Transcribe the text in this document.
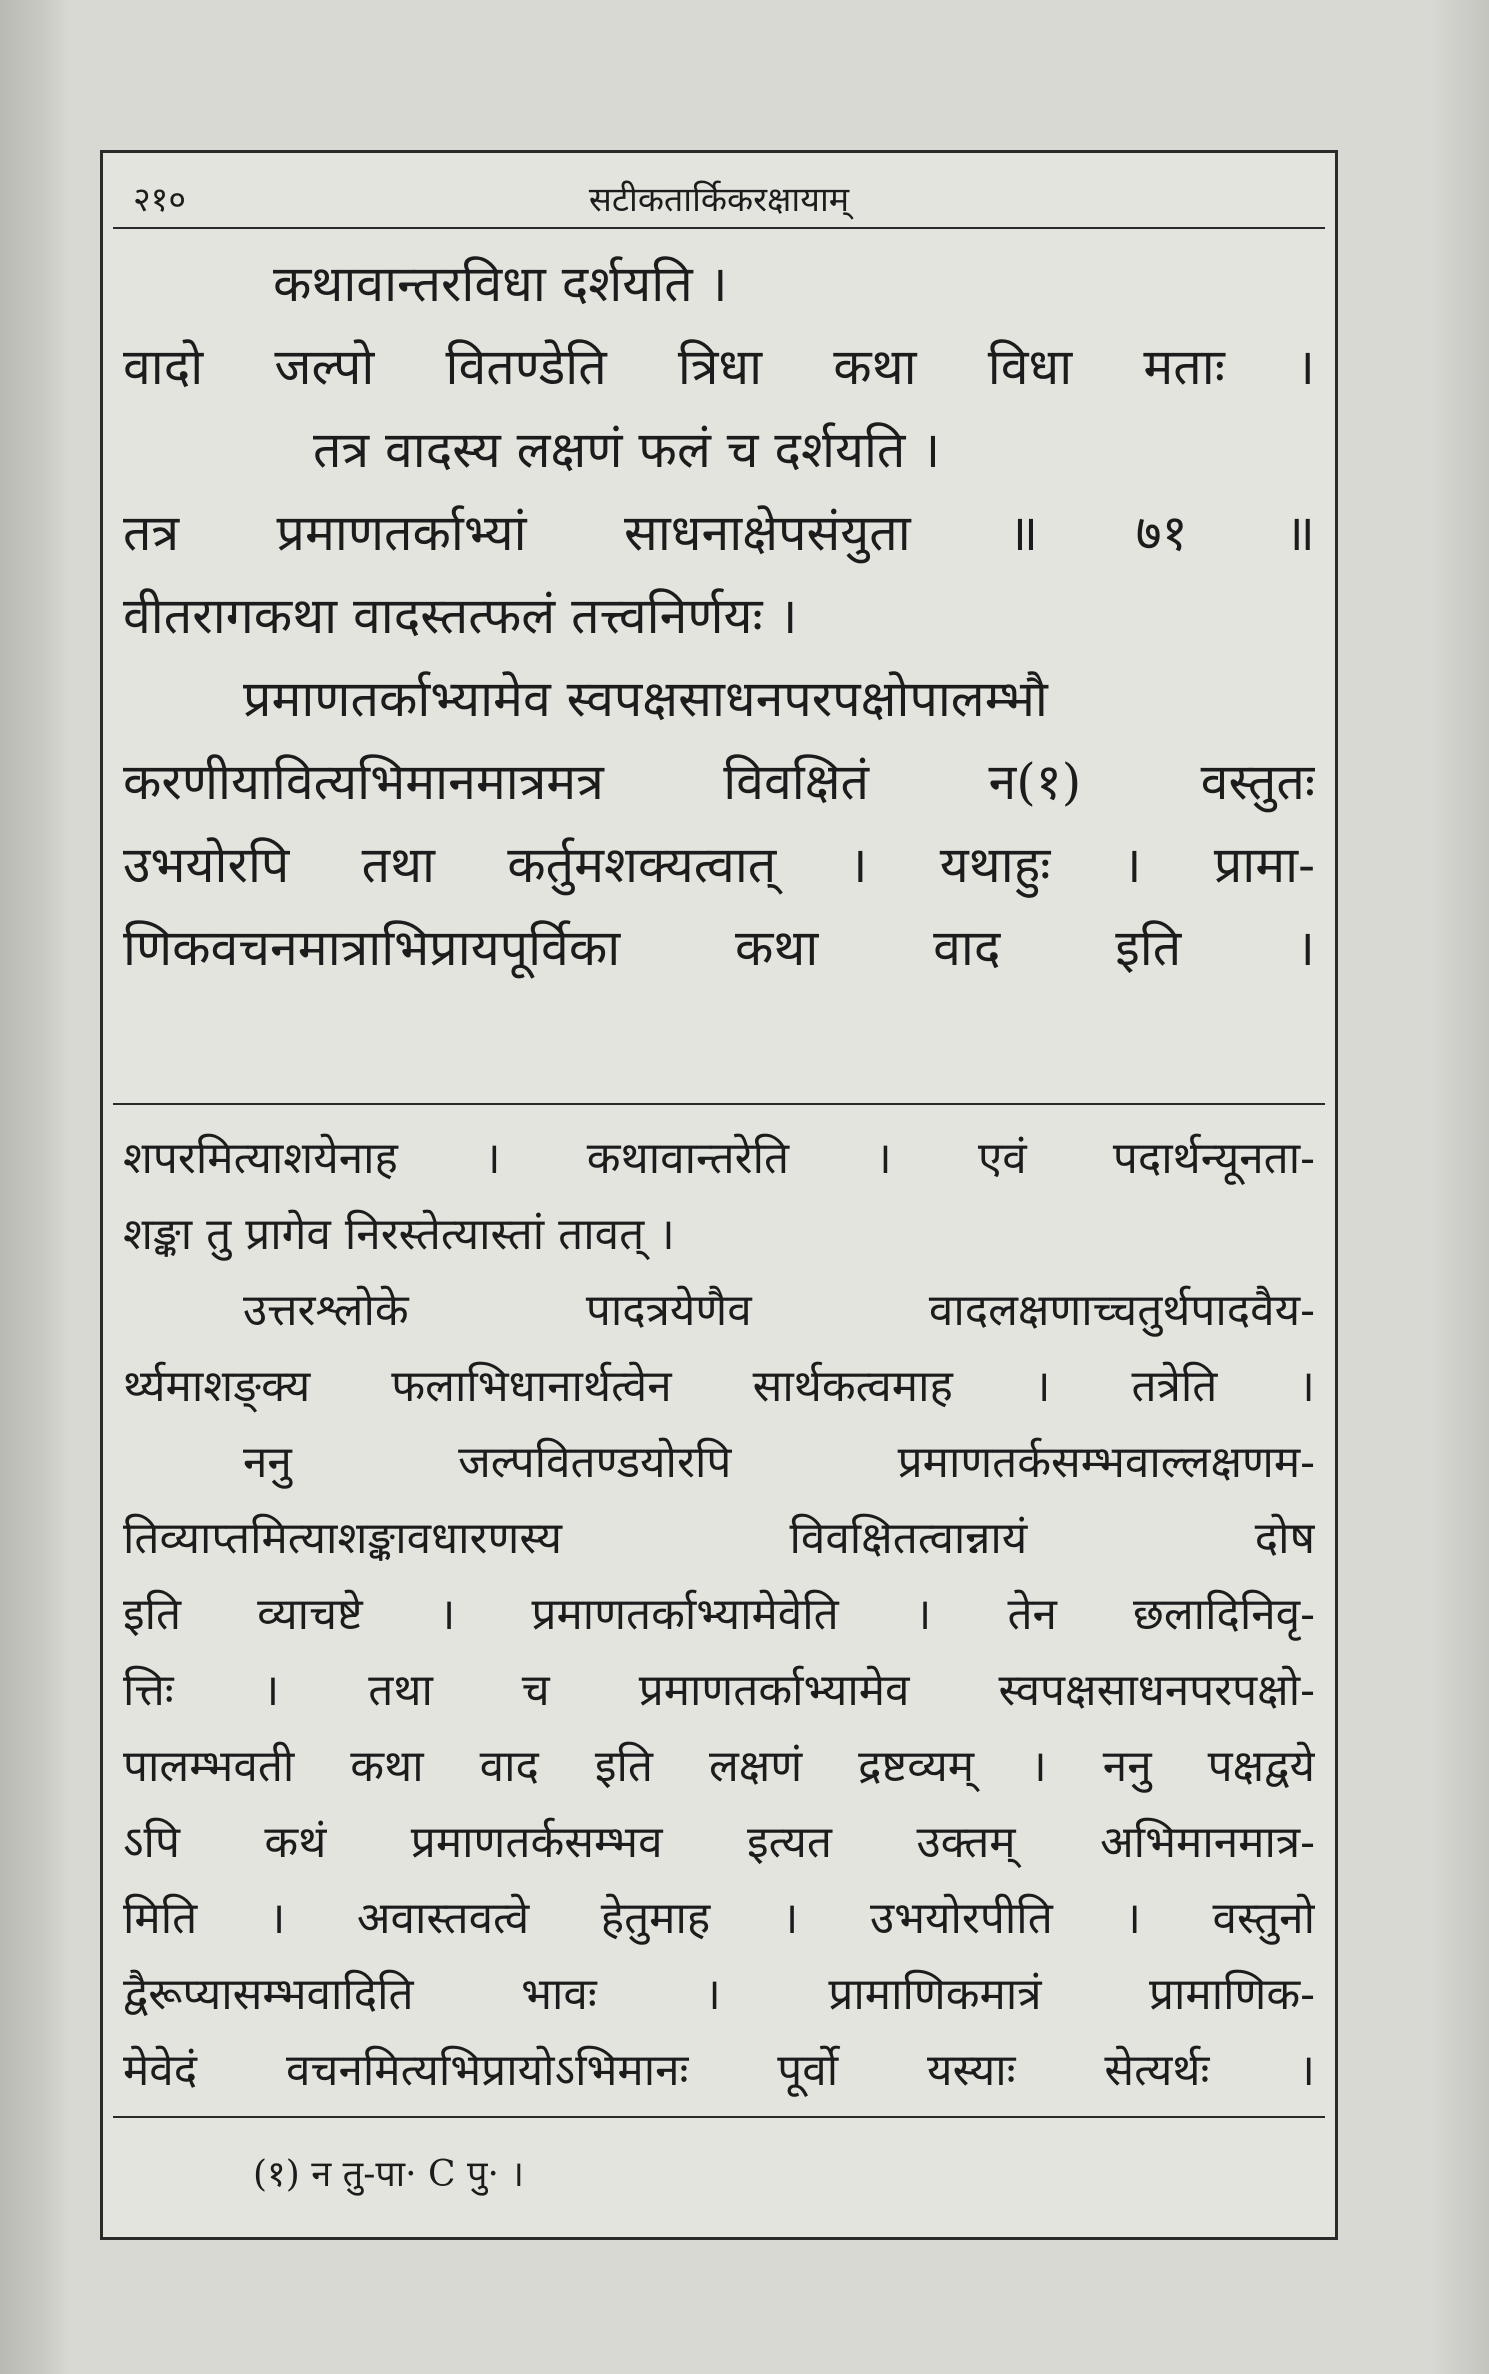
२१०	सटीकतार्किकरक्षायाम्
कथावान्तरविधा दर्शयति ।
वादो जल्पो वितण्डेति त्रिधा कथा विधा मताः ।
तत्र वादस्य लक्षणं फलं च दर्शयति ।
तत्र प्रमाणतर्काभ्यां साधनाक्षेपसंयुता ॥ ७१ ॥
वीतरागकथा वादस्तत्फलं तत्त्वनिर्णयः ।
प्रमाणतर्काभ्यामेव स्वपक्षसाधनपरपक्षोपालम्भौ
करणीयावित्यभिमानमात्रमत्र विवक्षितं न(१) वस्तुतः
उभयोरपि तथा कर्तुमशक्यत्वात् । यथाहुः । प्रामा-
णिकवचनमात्राभिप्रायपूर्विका कथा वाद इति ।
शपरमित्याशयेनाह । कथावान्तरेति । एवं पदार्थन्यूनता-
शङ्का तु प्रागेव निरस्तेत्यास्तां तावत् ।
उत्तरश्लोके पादत्रयेणैव वादलक्षणाच्चतुर्थपादवैय-
र्थ्यमाशङ्क्य फलाभिधानार्थत्वेन सार्थकत्वमाह । तत्रेति ।
ननु जल्पवितण्डयोरपि प्रमाणतर्कसम्भवाल्लक्षणम-
तिव्याप्तमित्याशङ्कावधारणस्य विवक्षितत्वान्नायं दोष
इति व्याचष्टे । प्रमाणतर्काभ्यामेवेति । तेन छलादिनिवृ-
त्तिः । तथा च प्रमाणतर्काभ्यामेव स्वपक्षसाधनपरपक्षो-
पालम्भवती कथा वाद इति लक्षणं द्रष्टव्यम् । ननु पक्षद्वये
ऽपि कथं प्रमाणतर्कसम्भव इत्यत उक्तम् अभिमानमात्र-
मिति । अवास्तवत्वे हेतुमाह । उभयोरपीति । वस्तुनो
द्वैरूप्यासम्भवादिति भावः । प्रामाणिकमात्रं प्रामाणिक-
मेवेदं वचनमित्यभिप्रायोऽभिमानः पूर्वो यस्याः सेत्यर्थः ।
(१) न तु-पा· C पु· ।
